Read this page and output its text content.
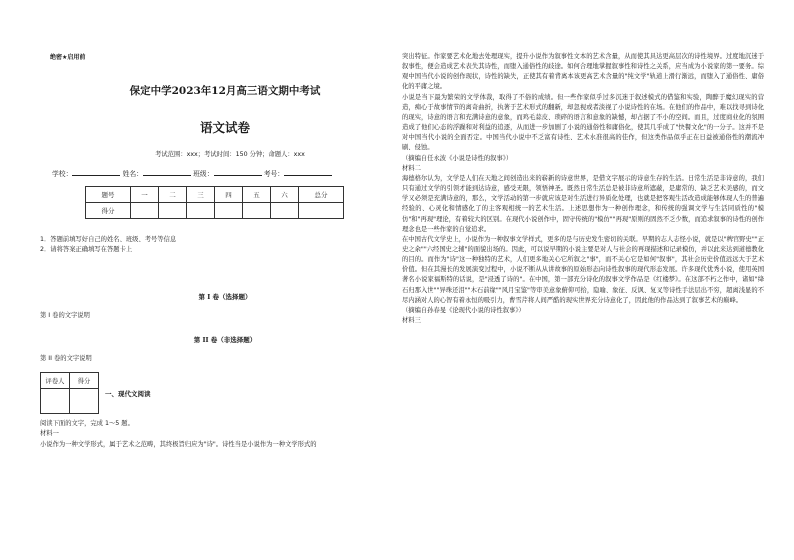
绝密★启用前
保定中学2023年12月高三语文期中考试
语文试卷
考试范围：xxx；考试时间：150 分钟；命题人：xxx
学校：	姓名：	班级：	考号：
题号	一	二	三	四	五	六	总分
得分							
1．答题前填写好自己的姓名、班级、考号等信息
2．请将答案正确填写在答题卡上
第 I 卷（选择题）
第 I 卷的文字说明
第 II 卷（非选择题）
第 II 卷的文字说明
评卷人	得分

一、现代文阅读
阅读下面的文字，完成 1～5 题。
材料一
小说作为一种文学形式，属于艺术之范畴，其终极旨归应为"诗"。诗性当是小说作为一种文学形式的

突出特征。作家要艺术化地去处理现实，提升小说作为叙事性文本的艺术含量，从而使其具达更高层次的诗性境界。过度地沉迷于叙事性，便会造成艺术表失其诗性，而堕入通俗性的歧途。如何合理地掌握叙事性和诗性之关系，应当成为小说家的第一要务。综观中国当代小说的创作现状，诗性的缺失，正使其有着背离本该更高艺术含量的"纯文学"轨道上滑行渐远，而堕入了通俗性、庸俗化的平庸之境。

小说是当下最为繁荣的文学体裁，取得了不俗的成绩。但一些作家似乎过多沉迷于叙述模式的借鉴和实验，陶醉于魔幻现实的营造，痴心于故事情节的离奇曲折，执著于艺术形式的翻新，却忽视或者淡视了小说诗性的在场。在他们的作品中，难以找寻到诗化的现实，诗意的语言和充满诗意的意象，而鸡毛蒜皮、琐碎的语言和意象的缺憾，却占据了不小的空间。而且，过度商业化的氛围造成了他们心态的浮躁和对利益的追逐，从而进一步加剧了小说的通俗性和庸俗化，使其几乎成了"快餐文化"的一分子。这并不是对中国当代小说的全面否定。中国当代小说中不乏富有诗性、艺术水准很高的佳作，但这类作品似乎正在日益被通俗性的潮流冲刷、侵蚀。

（摘编自任永波《小说是诗性的叙事》）

材料二

海德格尔认为，文学是人们在天地之间创造出来的崭新的诗意世界，是借文字展示的诗意生存的生活。日常生活是非诗意的，我们只有通过文学的引领才能到达诗意，感受无限，领悟神圣。既然日常生活总是被非诗意所遮蔽，是庸常的、缺乏艺术美感的，而文学又必须是充满诗意的，那么，文学活动的第一步就应该是对生活进行异质化处理，也就是把客观生活改造成能够体现人生的普遍经验的、心灵化和情感化了的主客观相统一的艺术生活。上述思想作为一种创作理念，和传统的强调文学与生活同质性的"模仿"和"再现"理论，有着较大的区别。在现代小说创作中，固守传统的"模仿""再现"原则的固然不乏少数，而追求叙事的诗性的创作理念也是一些作家的自觉追求。

在中国古代文学史上，小说作为一种叙事文学样式，更多的是与历史发生密切的关联。早期的志人志怪小说，就是以"稗官野史""正史之余""六经国史之辅"的面貌出场的。因此，可以说早期的小说主要是对人与社会的再现描述和记录模仿，并以此来达到道德教化的目的。而作为"诗"这一种独特的艺术，人们更多地关心它所叙之"事"，而不关心它是如何"叙事"，其社会历史价值远远大于艺术价值。但在其漫长的发展演变过程中，小说不断从从讲故事的原始形态向诗性叙事的现代形态发展。许多现代优秀小说，使用英国著名小说家福斯特的话说，是"浸透了诗的"。在中国，第一部充分诗化的叙事文学作品是《红楼梦》。在这部不朽之作中，诸如"绛石归那入世""异珠还泪""木石前缘""风月宝鉴"等审美意象俯仰可拾，隐喻、象征、反讽、复叉等诗性手法层出不穷，超离浅显的不尽内涵对人的心智有着永恒的吸引力，曹雪芹将人间严酷的现实世界充分诗意化了，因此他的作品达到了叙事艺术的巅峰。

（摘编自孙春旻《论现代小说的诗性叙事》）

材料三
